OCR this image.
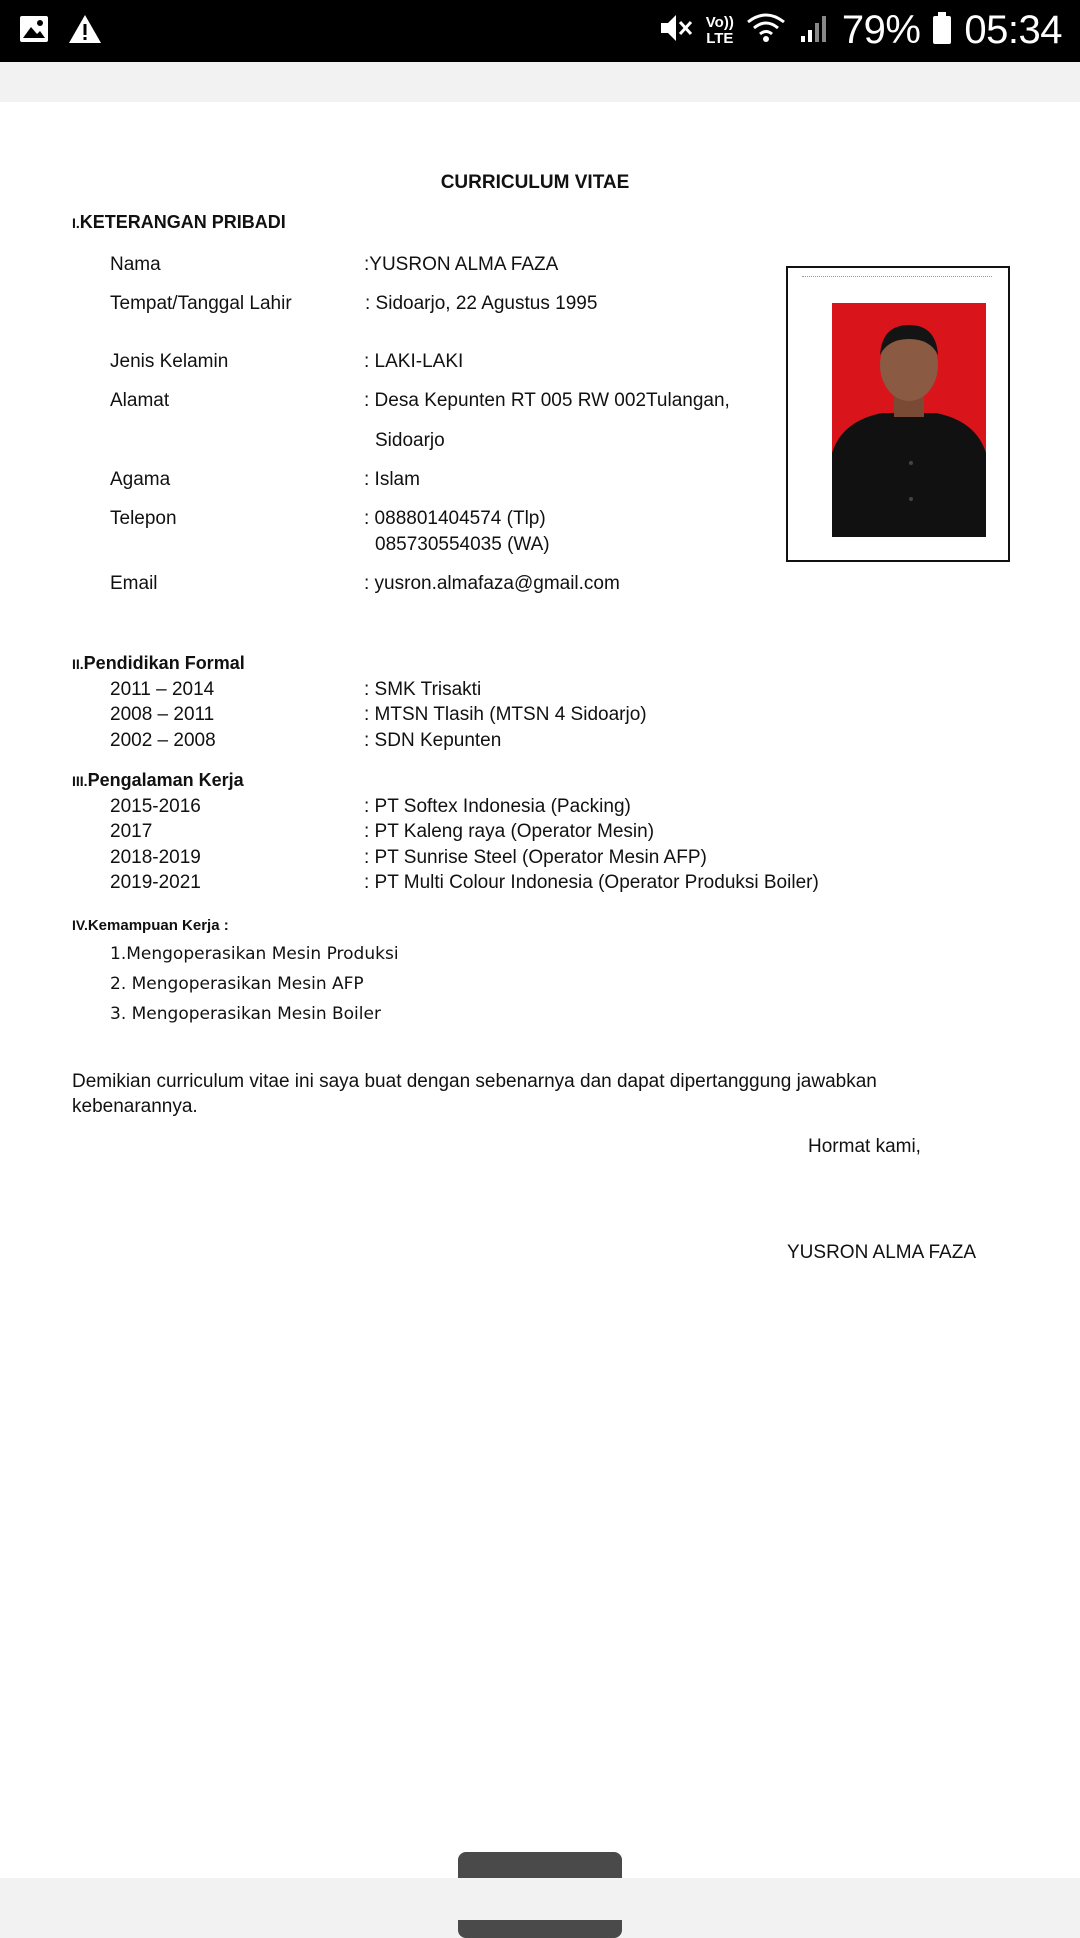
Vo))
LTE	79% 05:34
CURRICULUM VITAE
I.KETERANGAN PRIBADI
Nama	:YUSRON ALMA FAZA
Tempat/Tanggal Lahir	: Sidoarjo, 22 Agustus 1995
Jenis Kelamin	: LAKI-LAKI
Alamat	: Desa Kepunten RT 005 RW 002Tulangan,
Sidoarjo
Agama	: Islam
Telepon	: 088801404574 (Tlp)
085730554035 (WA)
Email	: yusron.almafaza@gmail.com
II.Pendidikan Formal
2011 – 2014	: SMK Trisakti
2008 – 2011	: MTSN Tlasih (MTSN 4 Sidoarjo)
2002 – 2008	: SDN Kepunten
III.Pengalaman Kerja
2015-2016	: PT Softex Indonesia (Packing)
2017	: PT Kaleng raya (Operator Mesin)
2018-2019	: PT Sunrise Steel (Operator Mesin AFP)
2019-2021	: PT Multi Colour Indonesia (Operator Produksi Boiler)
IV.Kemampuan Kerja :
1.Mengoperasikan Mesin Produksi
2. Mengoperasikan Mesin AFP
3. Mengoperasikan Mesin Boiler
Demikian curriculum vitae ini saya buat dengan sebenarnya dan dapat dipertanggung jawabkan
kebenarannya.
Hormat kami,
YUSRON ALMA FAZA
